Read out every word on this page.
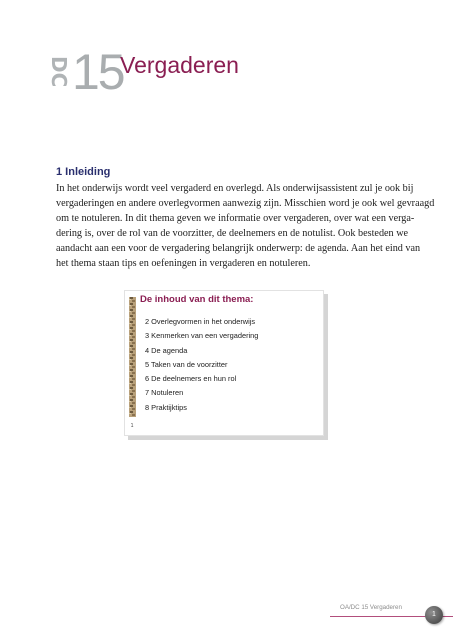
DC 15
Vergaderen
1 Inleiding
In het onderwijs wordt veel vergaderd en overlegd. Als onderwijsassistent zul je ook bij
vergaderingen en andere overlegvormen aanwezig zijn. Misschien word je ook wel gevraagd
om te notuleren. In dit thema geven we informatie over vergaderen, over wat een verga-
dering is, over de rol van de voorzitter, de deelnemers en de notulist. Ook besteden we
aandacht aan een voor de vergadering belangrijk onderwerp: de agenda. Aan het eind van
het thema staan tips en oefeningen in vergaderen en notuleren.
1
De inhoud van dit thema:
2 Overlegvormen in het onderwijs
3 Kenmerken van een vergadering
4 De agenda
5 Taken van de voorzitter
6 De deelnemers en hun rol
7 Notuleren
8 Praktijktips
OA/DC 15 Vergaderen
1
